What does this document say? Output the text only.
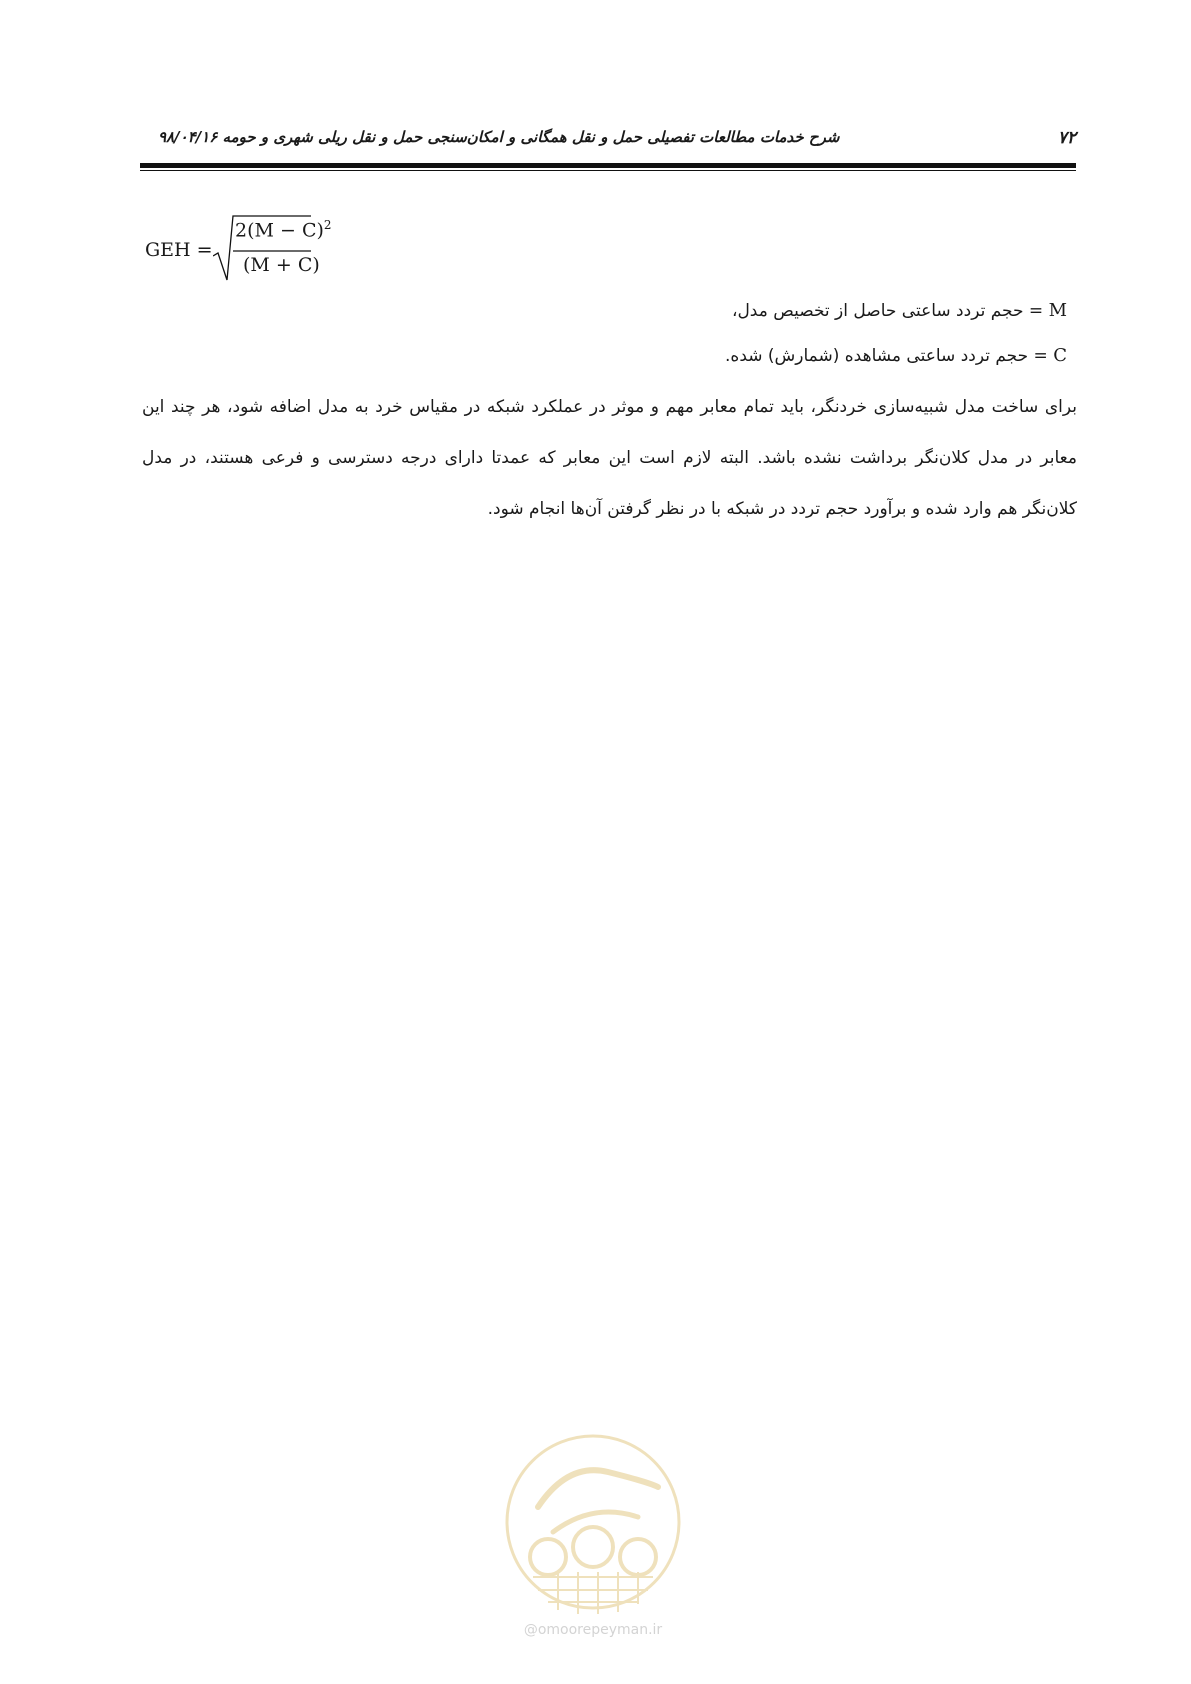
۷۲
شرح خدمات مطالعات تفصیلی حمل و نقل همگانی و امکان‌سنجی حمل و نقل ریلی شهری و حومه ۹۸/۰۴/۱۶
GEH =
$2(M - C)^2$
(M + C)
M = حجم تردد ساعتی حاصل از تخصیص مدل،
C = حجم تردد ساعتی مشاهده (شمارش) شده.
برای ساخت مدل شبیه‌سازی خردنگر، باید تمام معابر مهم و موثر در عملکرد شبکه در مقیاس خرد به مدل اضافه شود، هر چند این معابر در مدل کلان‌نگر برداشت نشده باشد. البته لازم است این معابر که عمدتا دارای درجه دسترسی و فرعی هستند، در مدل کلان‌نگر هم وارد شده و برآورد حجم تردد در شبکه با در نظر گرفتن آن‌ها انجام شود.
@omoorepeyman.ir
